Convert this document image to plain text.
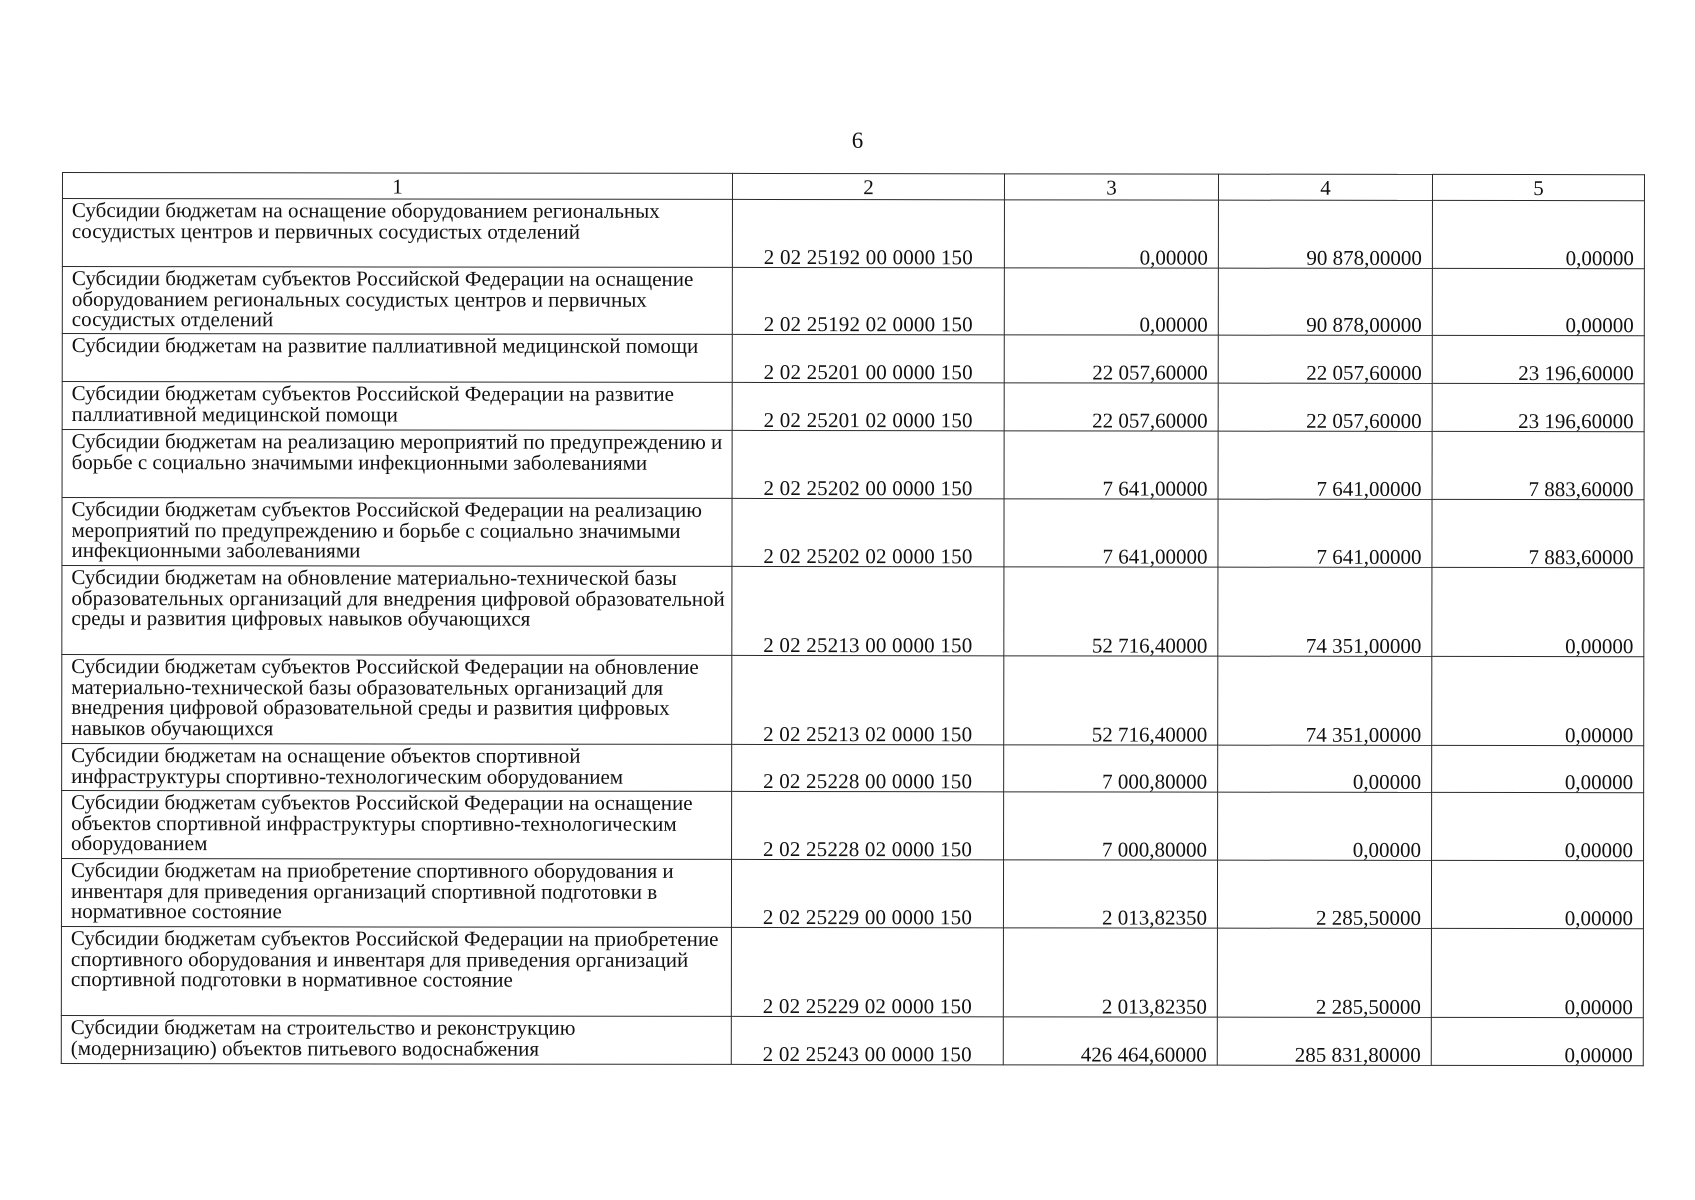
6
1	2	3	4	5
Субсидии бюджетам на оснащение оборудованием региональных сосудистых центров и первичных сосудистых отделений	2 02 25192 00 0000 150	0,00000	90 878,00000	0,00000
Субсидии бюджетам субъектов Российской Федерации на оснащение оборудованием региональных сосудистых центров и первичных сосудистых отделений	2 02 25192 02 0000 150	0,00000	90 878,00000	0,00000
Субсидии бюджетам на развитие паллиативной медицинской помощи	2 02 25201 00 0000 150	22 057,60000	22 057,60000	23 196,60000
Субсидии бюджетам субъектов Российской Федерации на развитие паллиативной медицинской помощи	2 02 25201 02 0000 150	22 057,60000	22 057,60000	23 196,60000
Субсидии бюджетам на реализацию мероприятий по предупреждению и борьбе с социально значимыми инфекционными заболеваниями	2 02 25202 00 0000 150	7 641,00000	7 641,00000	7 883,60000
Субсидии бюджетам субъектов Российской Федерации на реализацию мероприятий по предупреждению и борьбе с социально значимыми инфекционными заболеваниями	2 02 25202 02 0000 150	7 641,00000	7 641,00000	7 883,60000
Субсидии бюджетам на обновление материально-технической базы образовательных организаций для внедрения цифровой образовательной среды и развития цифровых навыков обучающихся	2 02 25213 00 0000 150	52 716,40000	74 351,00000	0,00000
Субсидии бюджетам субъектов Российской Федерации на обновление материально-технической базы образовательных организаций для внедрения цифровой образовательной среды и развития цифровых навыков обучающихся	2 02 25213 02 0000 150	52 716,40000	74 351,00000	0,00000
Субсидии бюджетам на оснащение объектов спортивной инфраструктуры спортивно-технологическим оборудованием	2 02 25228 00 0000 150	7 000,80000	0,00000	0,00000
Субсидии бюджетам субъектов Российской Федерации на оснащение объектов спортивной инфраструктуры спортивно-технологическим оборудованием	2 02 25228 02 0000 150	7 000,80000	0,00000	0,00000
Субсидии бюджетам на приобретение спортивного оборудования и инвентаря для приведения организаций спортивной подготовки в нормативное состояние	2 02 25229 00 0000 150	2 013,82350	2 285,50000	0,00000
Субсидии бюджетам субъектов Российской Федерации на приобретение спортивного оборудования и инвентаря для приведения организаций спортивной подготовки в нормативное состояние	2 02 25229 02 0000 150	2 013,82350	2 285,50000	0,00000
Субсидии бюджетам на строительство и реконструкцию (модернизацию) объектов питьевого водоснабжения	2 02 25243 00 0000 150	426 464,60000	285 831,80000	0,00000
